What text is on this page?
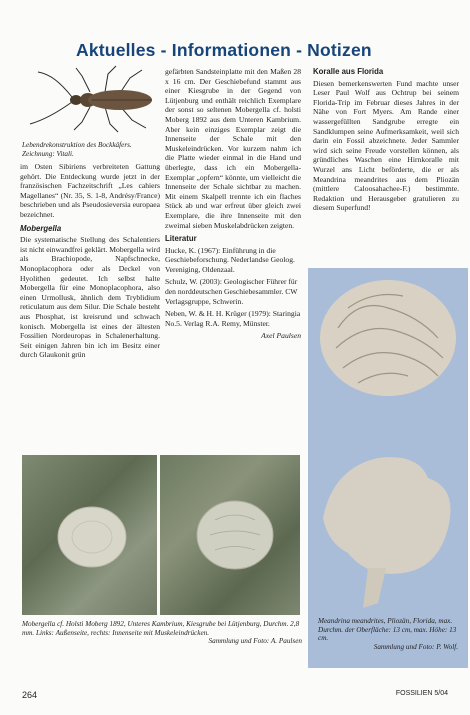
Aktuelles - Informationen - Notizen
Lebendrekonstruktion des Bockkäfers. Zeichnung: Vitali.

im Osten Sibiriens verbreiteten Gattung gehört. Die Entdeckung wurde jetzt in der französischen Fachzeitschrift „Les cahiers Magellanes“ (Nr. 35, S. 1-8, Andrésy/France) beschrieben und als Pseudosieversia europaea bezeichnet.

Mobergella

Die systematische Stellung des Schalentiers ist nicht einwandfrei geklärt. Mobergella wird als Brachiopode, Napfschnecke, Monoplacophora oder als Deckel von Hyolithen gedeutet. Ich selbst halte Mobergella für eine Monoplacophora, also einen Urmollusk, ähnlich dem Tryblidium reticulatum aus dem Silur. Die Schale besteht aus Phosphat, ist kreisrund und schwach konisch. Mobergella ist eines der ältesten Fossilien Nordeuropas in Schalenerhaltung. Seit einigen Jahren bin ich im Besitz einer durch Glaukonit grün

gefärbten Sandsteinplatte mit den Maßen 28 x 16 cm. Der Geschiebefund stammt aus einer Kiesgrube in der Gegend von Lütjenburg und enthält reichlich Exemplare der sonst so seltenen Mobergella cf. holsti Moberg 1892 aus dem Unteren Kambrium. Aber kein einziges Exemplar zeigt die Innenseite der Schale mit den Muskeleindrücken. Vor kurzem nahm ich die Platte wieder einmal in die Hand und überlegte, dass ich ein Mobergella-Exemplar „opfern“ könnte, um vielleicht die Innenseite der Schale sichtbar zu machen. Mit einem Skalpell trennte ich ein flaches Stück ab und war erfreut über gleich zwei Exemplare, die ihre Innenseite mit den zweimal sieben Muskelabdrücken zeigten.

Literatur

Hucke, K. (1967): Einführung in die Geschiebeforschung. Nederlandse Geolog. Vereniging, Oldenzaal.

Schulz, W. (2003): Geologischer Führer für den norddeutschen Geschiebesammler. CW Verlagsgruppe, Schwerin.

Neben, W. & H. H. Krüger (1979): Staringia No.5. Verlag R.A. Remy, Münster.

Axel Paulsen
Koralle aus Florida

Diesen bemerkenswerten Fund machte unser Leser Paul Wolf aus Ochtrup bei seinem Florida-Trip im Februar dieses Jahres in der Nähe von Fort Myers. Am Rande einer wassergefüllten Sandgrube erregte ein Sandklumpen seine Aufmerksamkeit, weil sich darin ein Fossil abzeichnete. Jeder Sammler wird sich seine Freude vorstellen können, als gründliches Waschen eine Hirnkoralle mit Wurzel ans Licht beförderte, die er als Meandrina meandrites aus dem Pliozän (mittlere Caloosahachee-F.) bestimmte. Redaktion und Herausgeber gratulieren zu diesem Superfund!

Meandrina meandrites, Pliozän, Florida, max. Durchm. der Oberfläche: 13 cm, max. Höhe: 13 cm.
Sammlung und Foto: P. Wolf.
Mobergella cf. Holsti Moberg 1892, Unteres Kambrium, Kiesgrube bei Lütjenburg, Durchm. 2,8 mm. Links: Außenseite, rechts: Innenseite mit Muskeleindrücken.
Sammlung und Foto: A. Paulsen
264	FOSSILIEN 5/04
